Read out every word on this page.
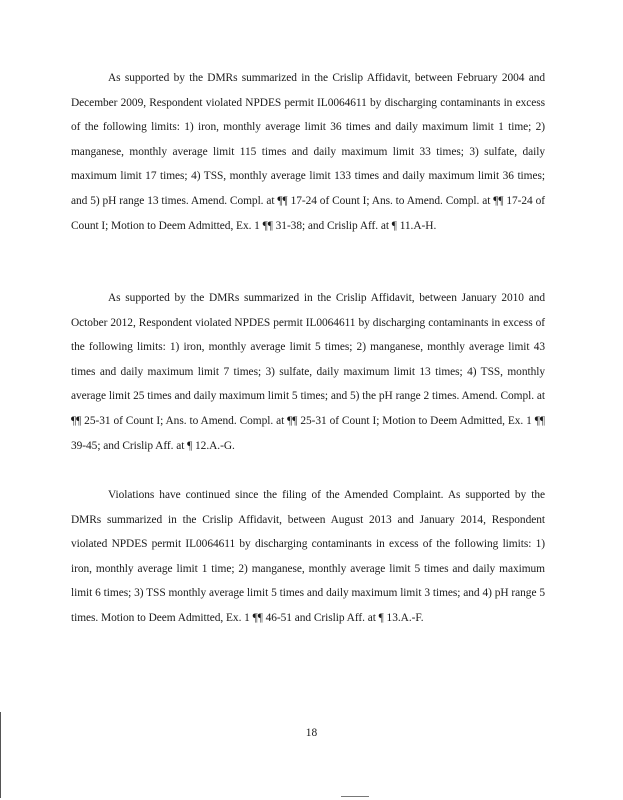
As supported by the DMRs summarized in the Crislip Affidavit, between February 2004 and December 2009, Respondent violated NPDES permit IL0064611 by discharging contaminants in excess of the following limits: 1) iron, monthly average limit 36 times and daily maximum limit 1 time; 2) manganese, monthly average limit 115 times and daily maximum limit 33 times; 3) sulfate, daily maximum limit 17 times; 4) TSS, monthly average limit 133 times and daily maximum limit 36 times; and 5) pH range 13 times. Amend. Compl. at ¶¶ 17-24 of Count I; Ans. to Amend. Compl. at ¶¶ 17-24 of Count I; Motion to Deem Admitted, Ex. 1 ¶¶ 31-38; and Crislip Aff. at ¶ 11.A-H.

As supported by the DMRs summarized in the Crislip Affidavit, between January 2010 and October 2012, Respondent violated NPDES permit IL0064611 by discharging contaminants in excess of the following limits: 1) iron, monthly average limit 5 times; 2) manganese, monthly average limit 43 times and daily maximum limit 7 times; 3) sulfate, daily maximum limit 13 times; 4) TSS, monthly average limit 25 times and daily maximum limit 5 times; and 5) the pH range 2 times. Amend. Compl. at ¶¶ 25-31 of Count I; Ans. to Amend. Compl. at ¶¶ 25-31 of Count I; Motion to Deem Admitted, Ex. 1 ¶¶ 39-45; and Crislip Aff. at ¶ 12.A.-G.

Violations have continued since the filing of the Amended Complaint. As supported by the DMRs summarized in the Crislip Affidavit, between August 2013 and January 2014, Respondent violated NPDES permit IL0064611 by discharging contaminants in excess of the following limits: 1) iron, monthly average limit 1 time; 2) manganese, monthly average limit 5 times and daily maximum limit 6 times; 3) TSS monthly average limit 5 times and daily maximum limit 3 times; and 4) pH range 5 times. Motion to Deem Admitted, Ex. 1 ¶¶ 46-51 and Crislip Aff. at ¶ 13.A.-F.

18
